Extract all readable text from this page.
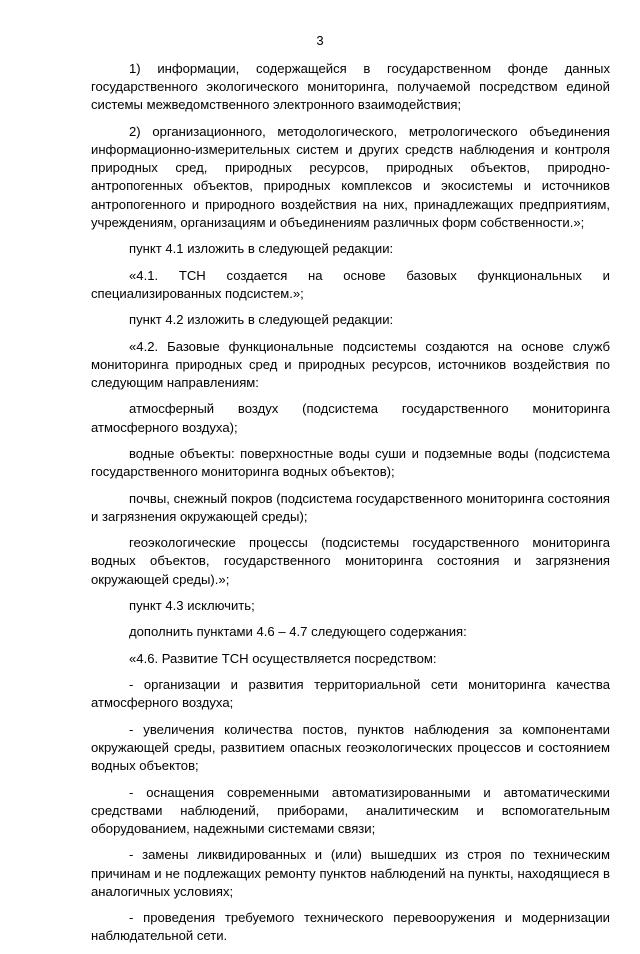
3

1) информации, содержащейся в государственном фонде данных государственного экологического мониторинга, получаемой посредством единой системы межведомственного электронного взаимодействия;

2) организационного, методологического, метрологического объединения информационно-измерительных систем и других средств наблюдения и контроля природных сред, природных ресурсов, природных объектов, природно-антропогенных объектов, природных комплексов и экосистемы и источников антропогенного и природного воздействия на них, принадлежащих предприятиям, учреждениям, организациям и объединениям различных форм собственности.»;

пункт 4.1 изложить в следующей редакции:

«4.1. ТСН создается на основе базовых функциональных и специализированных подсистем.»;

пункт 4.2 изложить в следующей редакции:

«4.2. Базовые функциональные подсистемы создаются на основе служб мониторинга природных сред и природных ресурсов, источников воздействия по следующим направлениям:

атмосферный воздух (подсистема государственного мониторинга атмосферного воздуха);

водные объекты: поверхностные воды суши и подземные воды (подсистема государственного мониторинга водных объектов);

почвы, снежный покров (подсистема государственного мониторинга состояния и загрязнения окружающей среды);

геоэкологические процессы (подсистемы государственного мониторинга водных объектов, государственного мониторинга состояния и загрязнения окружающей среды).»;

пункт 4.3 исключить;

дополнить пунктами 4.6 – 4.7 следующего содержания:

«4.6. Развитие ТСН осуществляется посредством:

- организации и развития территориальной сети мониторинга качества атмосферного воздуха;

- увеличения количества постов, пунктов наблюдения за компонентами окружающей среды, развитием опасных геоэкологических процессов и состоянием водных объектов;

- оснащения современными автоматизированными и автоматическими средствами наблюдений, приборами, аналитическим и вспомогательным оборудованием, надежными системами связи;

- замены ликвидированных и (или) вышедших из строя по техническим причинам и не подлежащих ремонту пунктов наблюдений на пункты, находящиеся в аналогичных условиях;

- проведения требуемого технического перевооружения и модернизации наблюдательной сети.
